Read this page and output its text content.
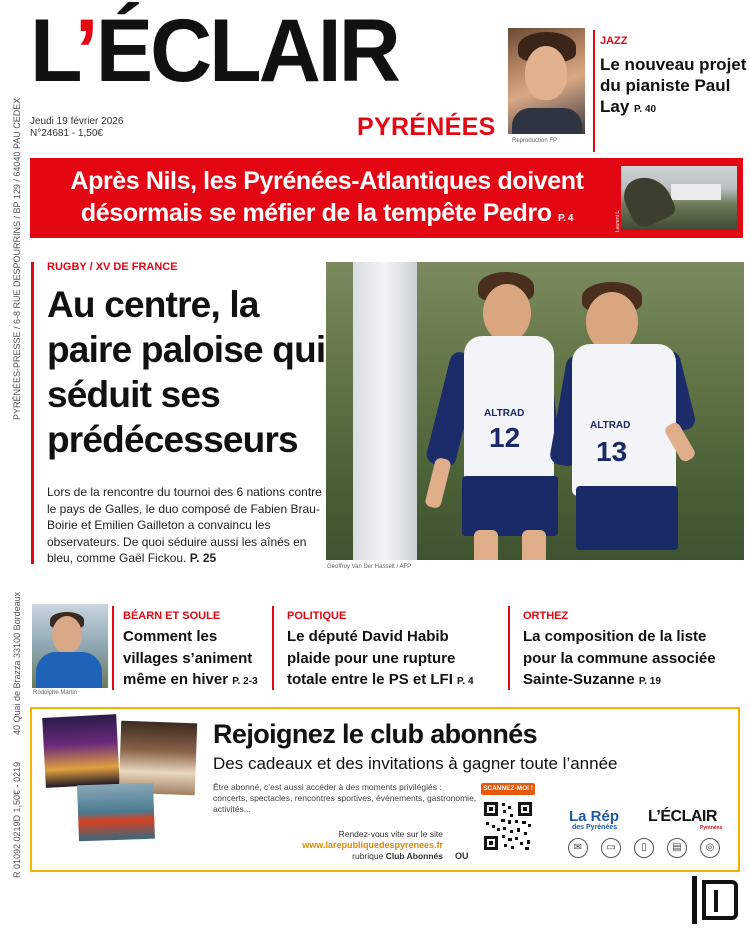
L’ÉCLAIR
PYRÉNÉES
Jeudi 19 février 2026
N°24681 - 1,50€
PYRÉNÉES-PRESSE / 6-8 RUE DESPOURRINS / BP 129 / 64040 PAU CEDEX
40 Quai de Brazza 33100 Bordeaux
R 01092 0219D 1,50€ - 0219
Reproduction FP
JAZZ
Le nouveau projet du pianiste Paul Lay P. 40
Après Nils, les Pyrénées-Atlantiques doivent désormais se méfier de la tempête Pedro P. 4	Laurent L.
RUGBY / XV DE FRANCE
Au centre, la paire paloise qui séduit ses prédécesseurs
Lors de la rencontre du tournoi des 6 nations contre le pays de Galles, le duo composé de Fabien Brau-Boirie et Emilien Gailleton a convaincu les observateurs. De quoi séduire aussi les aînés en bleu, comme Gaël Fickou. P. 25
ALTRAD
12	ALTRAD
13
Geoffroy Van Der Hasselt / AFP
Rodolphe Martin
BÉARN ET SOULE
Comment les villages s’animent même en hiver P. 2-3
POLITIQUE
Le député David Habib plaide pour une rupture totale entre le PS et LFI P. 4
ORTHEZ
La composition de la liste pour la commune associée Sainte-Suzanne P. 19
Rejoignez le club abonnés
Des cadeaux et des invitations à gagner toute l’année
Être abonné, c’est aussi accéder à des moments privilégiés : concerts, spectacles, rencontres sportives, événements, gastronomie, activités...
Rendez-vous vite sur le site
www.larepubliquedespyrenees.fr
rubrique Club Abonnés OU
SCANNEZ-MOI !
La Rép
des Pyrénées
L’ÉCLAIR
Pyrénées
✉	▭	▯	▤	◎
